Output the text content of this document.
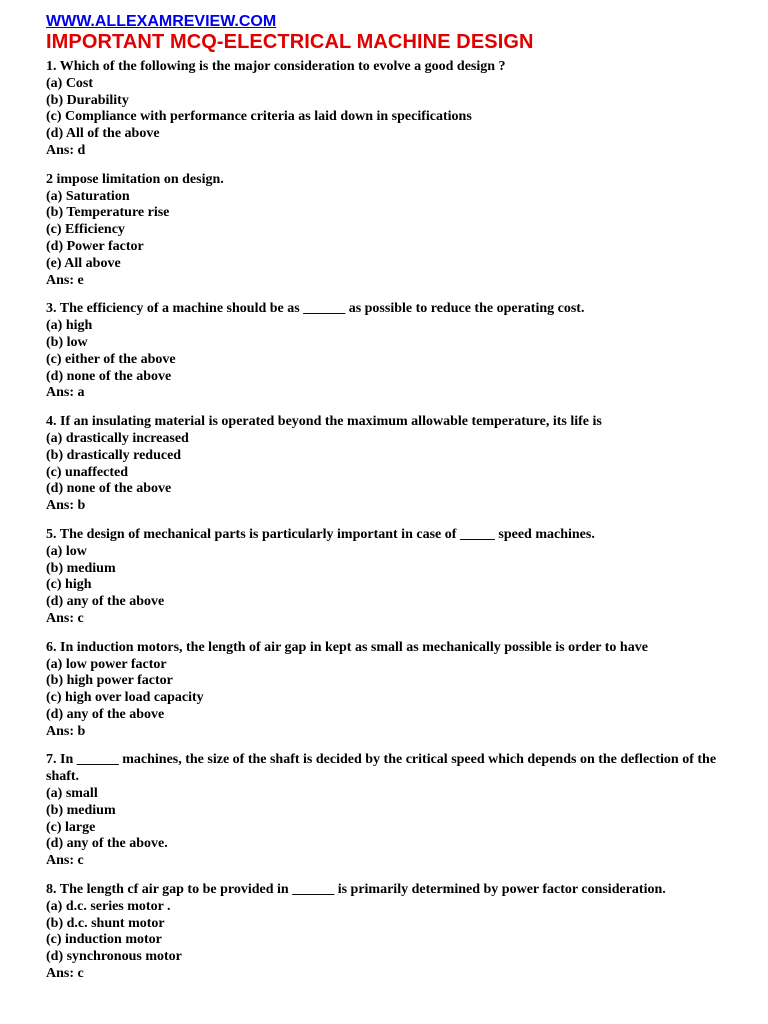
WWW.ALLEXAMREVIEW.COM
IMPORTANT MCQ-ELECTRICAL MACHINE DESIGN
1. Which of the following is the major consideration to evolve a good design ?
(a) Cost
(b) Durability
(c) Compliance with performance criteria as laid down in specifications
(d) All of the above
Ans: d
2 impose limitation on design.
(a) Saturation
(b) Temperature rise
(c) Efficiency
(d) Power factor
(e) All above
Ans: e
3. The efficiency of a machine should be as ______ as possible to reduce the operating cost.
(a) high
(b) low
(c) either of the above
(d) none of the above
Ans: a
4. If an insulating material is operated beyond the maximum allowable temperature, its life is
(a) drastically increased
(b) drastically reduced
(c) unaffected
(d) none of the above
Ans: b
5. The design of mechanical parts is particularly important in case of _____ speed machines.
(a) low
(b) medium
(c) high
(d) any of the above
Ans: c
6. In induction motors, the length of air gap in kept as small as mechanically possible is order to have
(a) low power factor
(b) high power factor
(c) high over load capacity
(d) any of the above
Ans: b
7. In ______ machines, the size of the shaft is decided by the critical speed which depends on the deflection of the shaft.
(a) small
(b) medium
(c) large
(d) any of the above.
Ans: c
8. The length cf air gap to be provided in ______ is primarily determined by power factor consideration.
(a) d.c. series motor .
(b) d.c. shunt motor
(c) induction motor
(d) synchronous motor
Ans: c
